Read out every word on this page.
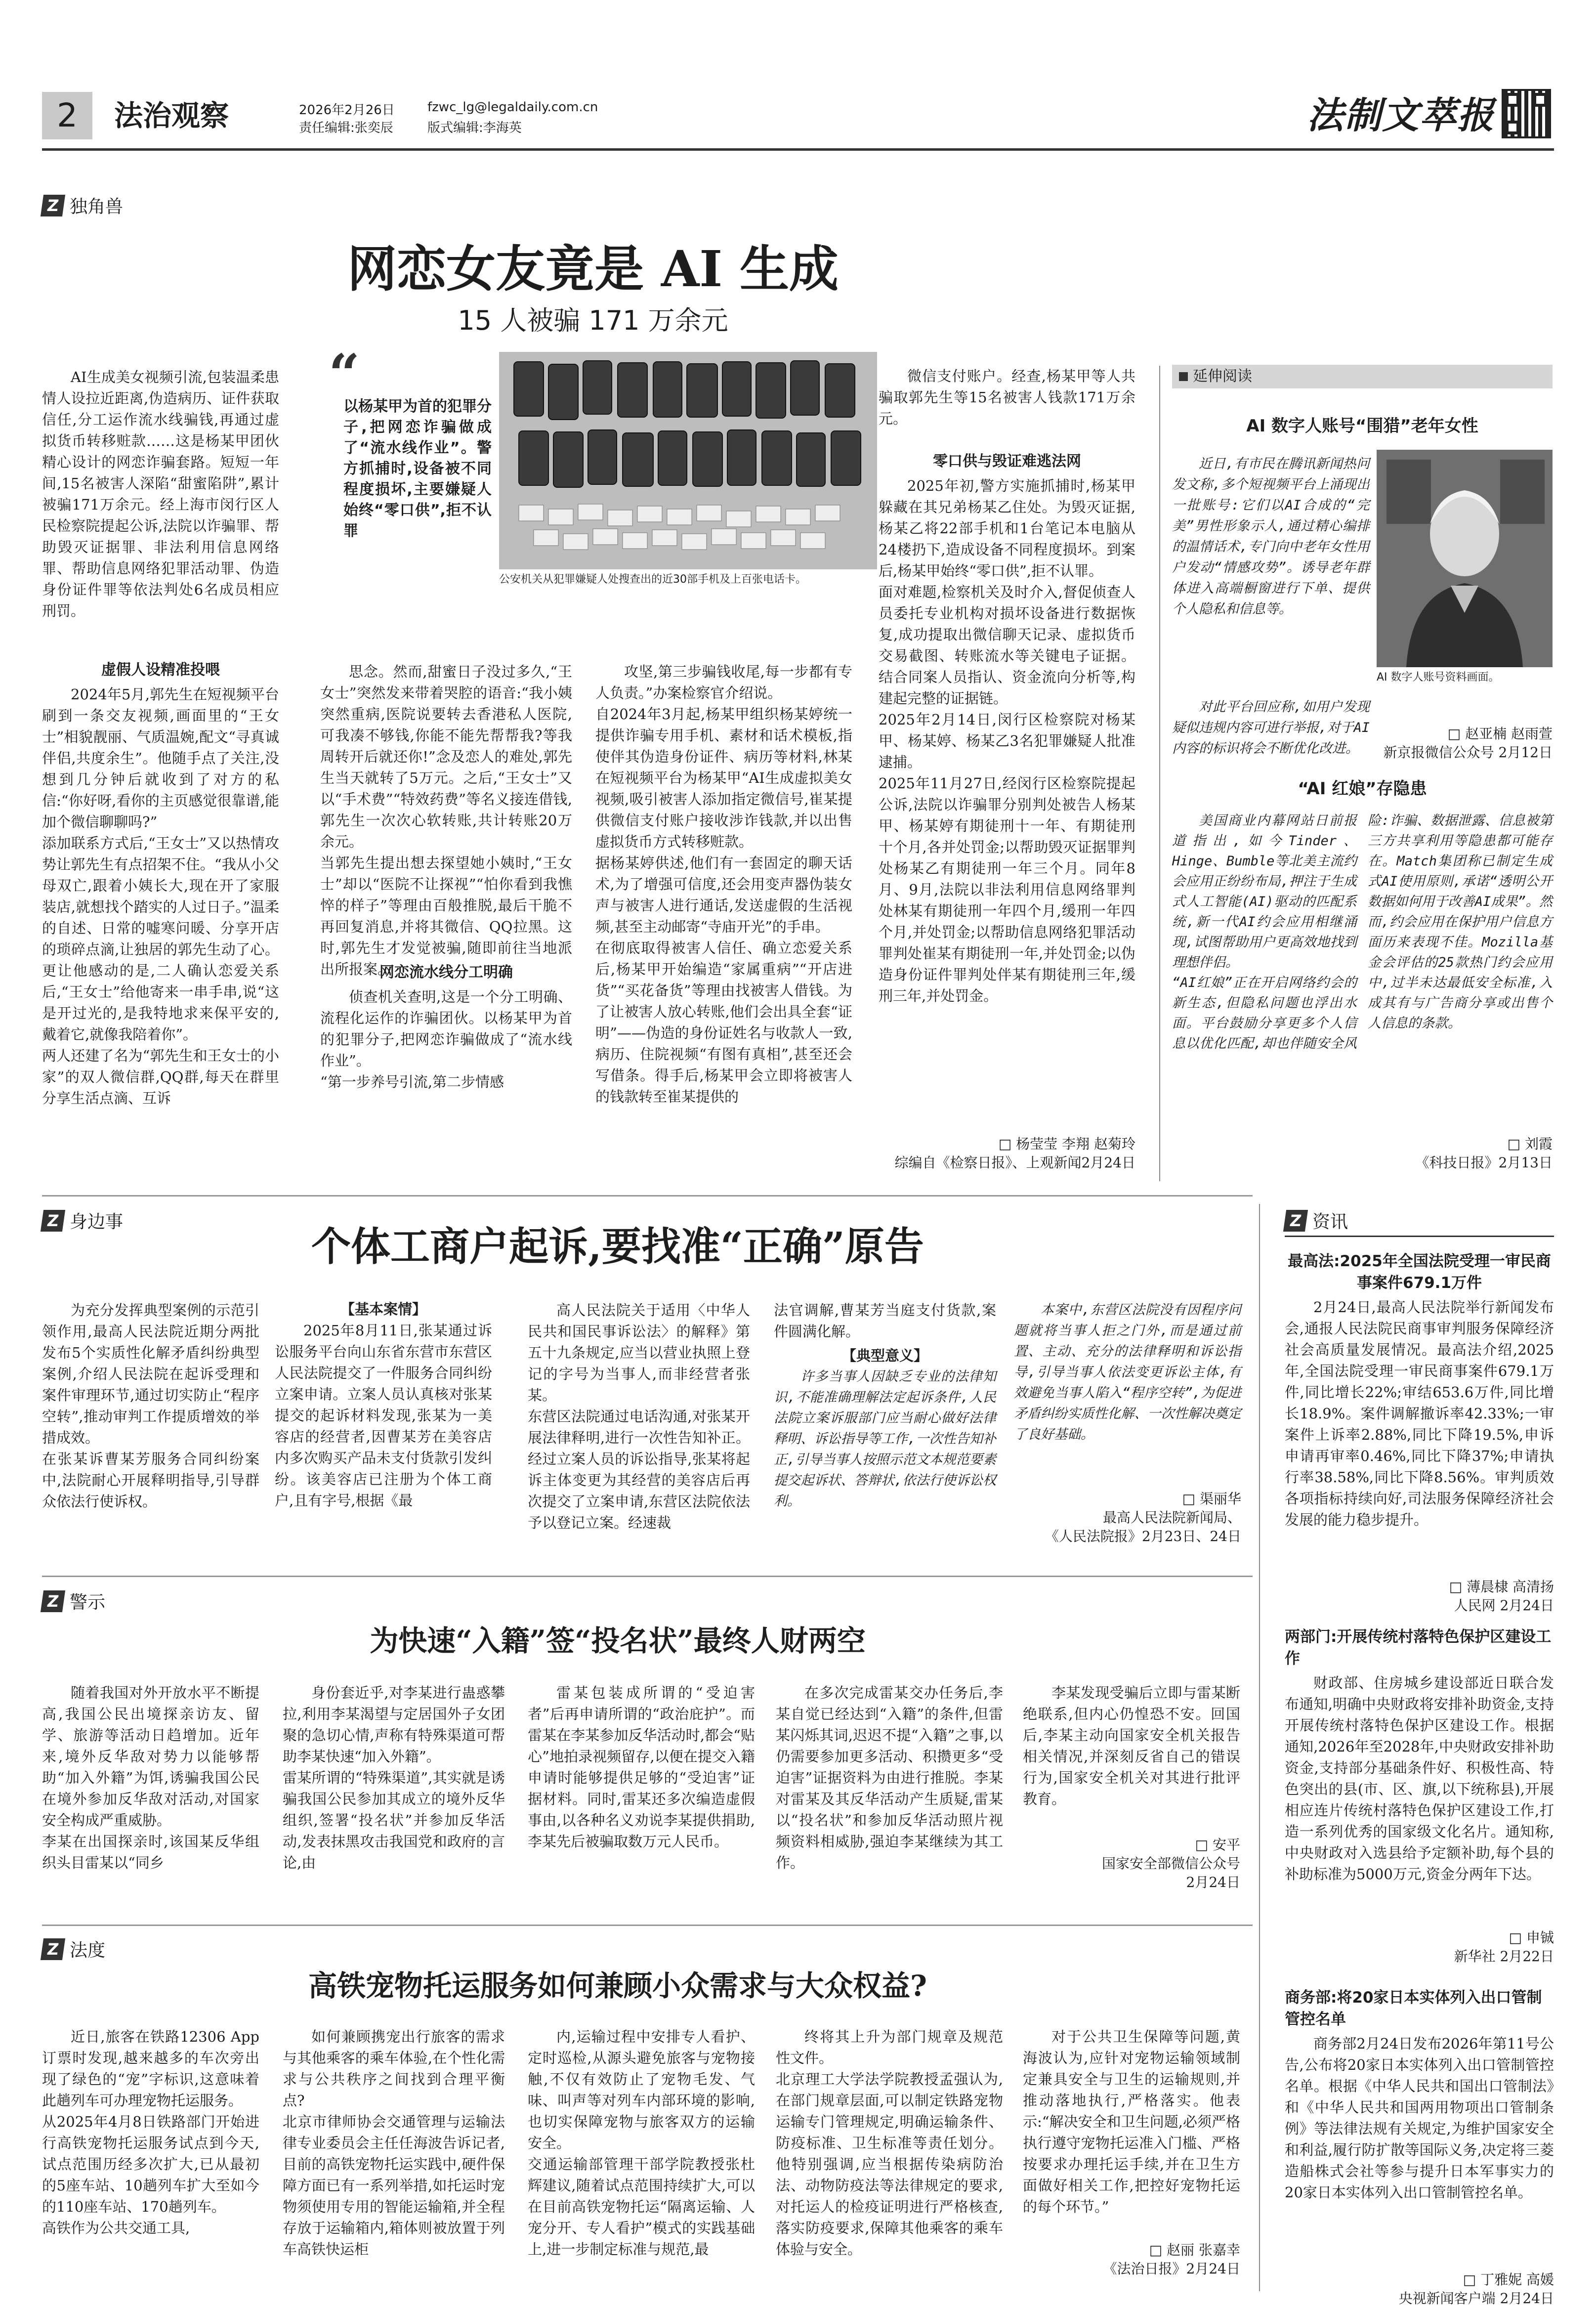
2	法治观察	2026年2月26日
责任编辑:张奕辰
fzwc_lg@legaldaily.com.cn
版式编辑:李海英	法制文萃报
Z 独角兽
网恋女友竟是 AI 生成
15 人被骗 171 万余元
AI生成美女视频引流,包装温柔患情人设拉近距离,伪造病历、证件获取信任,分工运作流水线骗钱,再通过虚拟货币转移赃款……这是杨某甲团伙精心设计的网恋诈骗套路。短短一年间,15名被害人深陷“甜蜜陷阱”,累计被骗171万余元。经上海市闵行区人民检察院提起公诉,法院以诈骗罪、帮助毁灭证据罪、非法利用信息网络罪、帮助信息网络犯罪活动罪、伪造身份证件罪等依法判处6名成员相应刑罚。
虚假人设精准投喂
2024年5月,郭先生在短视频平台刷到一条交友视频,画面里的“王女士”相貌靓丽、气质温婉,配文“寻真诚伴侣,共度余生”。他随手点了关注,没想到几分钟后就收到了对方的私信:“你好呀,看你的主页感觉很靠谱,能加个微信聊聊吗?”
添加联系方式后,“王女士”又以热情攻势让郭先生有点招架不住。“我从小父母双亡,跟着小姨长大,现在开了家服装店,就想找个踏实的人过日子。”温柔的自述、日常的嘘寒问暖、分享开店的琐碎点滴,让独居的郭先生动了心。更让他感动的是,二人确认恋爱关系后,“王女士”给他寄来一串手串,说“这是开过光的,是我特地求来保平安的,戴着它,就像我陪着你”。
两人还建了名为“郭先生和王女士的小家”的双人微信群,QQ群,每天在群里分享生活点滴、互诉
“
以杨某甲为首的犯罪分子,把网恋诈骗做成了“流水线作业”。警方抓捕时,设备被不同程度损坏,主要嫌疑人始终“零口供”,拒不认罪
公安机关从犯罪嫌疑人处搜查出的近30部手机及上百张电话卡。
思念。然而,甜蜜日子没过多久,“王女士”突然发来带着哭腔的语音:“我小姨突然重病,医院说要转去香港私人医院,可我凑不够钱,你能不能先帮帮我?等我周转开后就还你!”念及恋人的难处,郭先生当天就转了5万元。之后,“王女士”又以“手术费”“特效药费”等名义接连借钱,郭先生一次次心软转账,共计转账20万余元。
当郭先生提出想去探望她小姨时,“王女士”却以“医院不让探视”“怕你看到我憔悴的样子”等理由百般推脱,最后干脆不再回复消息,并将其微信、QQ拉黑。这时,郭先生才发觉被骗,随即前往当地派出所报案。
网恋流水线分工明确
侦查机关查明,这是一个分工明确、流程化运作的诈骗团伙。以杨某甲为首的犯罪分子,把网恋诈骗做成了“流水线作业”。
“第一步养号引流,第二步情感
攻坚,第三步骗钱收尾,每一步都有专人负责。”办案检察官介绍说。
自2024年3月起,杨某甲组织杨某婷统一提供诈骗专用手机、素材和话术模板,指使伴其伪造身份证件、病历等材料,林某在短视频平台为杨某甲“AI生成虚拟美女视频,吸引被害人添加指定微信号,崔某提供微信支付账户接收涉诈钱款,并以出售虚拟货币方式转移赃款。
据杨某婷供述,他们有一套固定的聊天话术,为了增强可信度,还会用变声器伪装女声与被害人进行通话,发送虚假的生活视频,甚至主动邮寄“寺庙开光”的手串。
在彻底取得被害人信任、确立恋爱关系后,杨某甲开始编造“家属重病”“开店进货”“买花备货”等理由找被害人借钱。为了让被害人放心转账,他们会出具全套“证明”——伪造的身份证姓名与收款人一致,病历、住院视频“有图有真相”,甚至还会写借条。得手后,杨某甲会立即将被害人的钱款转至崔某提供的
微信支付账户。经查,杨某甲等人共骗取郭先生等15名被害人钱款171万余元。
零口供与毁证难逃法网
2025年初,警方实施抓捕时,杨某甲躲藏在其兄弟杨某乙住处。为毁灭证据,杨某乙将22部手机和1台笔记本电脑从24楼扔下,造成设备不同程度损坏。到案后,杨某甲始终“零口供”,拒不认罪。
面对难题,检察机关及时介入,督促侦查人员委托专业机构对损坏设备进行数据恢复,成功提取出微信聊天记录、虚拟货币交易截图、转账流水等关键电子证据。结合同案人员指认、资金流向分析等,构建起完整的证据链。
2025年2月14日,闵行区检察院对杨某甲、杨某婷、杨某乙3名犯罪嫌疑人批准逮捕。
2025年11月27日,经闵行区检察院提起公诉,法院以诈骗罪分别判处被告人杨某甲、杨某婷有期徒刑十一年、有期徒刑十个月,各并处罚金;以帮助毁灭证据罪判处杨某乙有期徒刑一年三个月。同年8月、9月,法院以非法利用信息网络罪判处林某有期徒刑一年四个月,缓刑一年四个月,并处罚金;以帮助信息网络犯罪活动罪判处崔某有期徒刑一年,并处罚金;以伪造身份证件罪判处伴某有期徒刑三年,缓刑三年,并处罚金。
□ 杨莹莹 李翔 赵菊玲
综编自《检察日报》、上观新闻2月24日
延伸阅读
AI 数字人账号“围猎”老年女性
近日,有市民在腾讯新闻热问发文称,多个短视频平台上涌现出一批账号:它们以AI合成的“完美”男性形象示人,通过精心编排的温情话术,专门向中老年女性用户发动“情感攻势”。诱导老年群体进入高端橱窗进行下单、提供个人隐私和信息等。
AI 数字人账号资料画面。
对此平台回应称,如用户发现疑似违规内容可进行举报,对于AI内容的标识将会不断优化改进。
□ 赵亚楠 赵雨萱
新京报微信公众号 2月12日
“AI 红娘”存隐患
美国商业内幕网站日前报道指出,如今Tinder、Hinge、Bumble等北美主流约会应用正纷纷布局,押注于生成式人工智能(AI)驱动的匹配系统,新一代AI约会应用相继涌现,试图帮助用户更高效地找到理想伴侣。
“AI红娘”正在开启网络约会的新生态,但隐私问题也浮出水面。平台鼓励分享更多个人信息以优化匹配,却也伴随安全风险:诈骗、数据泄露、信息被第三方共享利用等隐患都可能存在。Match集团称已制定生成式AI使用原则,承诺“透明公开数据如何用于改善AI成果”。然而,约会应用在保护用户信息方面历来表现不佳。Mozilla基金会评估的25款热门约会应用中,过半未达最低安全标准,入成其有与广告商分享或出售个人信息的条款。
□ 刘霞
《科技日报》2月13日
Z 身边事
个体工商户起诉,要找准“正确”原告
为充分发挥典型案例的示范引领作用,最高人民法院近期分两批发布5个实质性化解矛盾纠纷典型案例,介绍人民法院在起诉受理和案件审理环节,通过切实防止“程序空转”,推动审判工作提质增效的举措成效。
在张某诉曹某芳服务合同纠纷案中,法院耐心开展释明指导,引导群众依法行使诉权。
【基本案情】
2025年8月11日,张某通过诉讼服务平台向山东省东营市东营区人民法院提交了一件服务合同纠纷立案申请。立案人员认真核对张某提交的起诉材料发现,张某为一美容店的经营者,因曹某芳在美容店内多次购买产品未支付货款引发纠纷。该美容店已注册为个体工商户,且有字号,根据《最
高人民法院关于适用〈中华人民共和国民事诉讼法〉的解释》第五十九条规定,应当以营业执照上登记的字号为当事人,而非经营者张某。
东营区法院通过电话沟通,对张某开展法律释明,进行一次性告知补正。经过立案人员的诉讼指导,张某将起诉主体变更为其经营的美容店后再次提交了立案申请,东营区法院依法予以登记立案。经速裁
法官调解,曹某芳当庭支付货款,案件圆满化解。
【典型意义】
许多当事人因缺乏专业的法律知识,不能准确理解法定起诉条件,人民法院立案诉服部门应当耐心做好法律释明、诉讼指导等工作,一次性告知补正,引导当事人按照示范文本规范要素提交起诉状、答辩状,依法行使诉讼权利。
本案中,东营区法院没有因程序问题就将当事人拒之门外,而是通过前置、主动、充分的法律释明和诉讼指导,引导当事人依法变更诉讼主体,有效避免当事人陷入“程序空转”,为促进矛盾纠纷实质性化解、一次性解决奠定了良好基础。
□ 渠丽华
最高人民法院新闻局、
《人民法院报》2月23日、24日
Z 警示
为快速“入籍”签“投名状”最终人财两空
随着我国对外开放水平不断提高,我国公民出境探亲访友、留学、旅游等活动日趋增加。近年来,境外反华敌对势力以能够帮助“加入外籍”为饵,诱骗我国公民在境外参加反华敌对活动,对国家安全构成严重威胁。
李某在出国探亲时,该国某反华组织头目雷某以“同乡
身份套近乎,对李某进行蛊惑攀拉,利用李某渴望与定居国外子女团聚的急切心情,声称有特殊渠道可帮助李某快速“加入外籍”。
雷某所谓的“特殊渠道”,其实就是诱骗我国公民参加其成立的境外反华组织,签署“投名状”并参加反华活动,发表抹黑攻击我国党和政府的言论,由
雷某包装成所谓的“受迫害者”后再申请所谓的“政治庇护”。而雷某在李某参加反华活动时,都会“贴心”地拍录视频留存,以便在提交入籍申请时能够提供足够的“受迫害”证据材料。同时,雷某还多次编造虚假事由,以各种名义劝说李某提供捐助,李某先后被骗取数万元人民币。
在多次完成雷某交办任务后,李某自觉已经达到“入籍”的条件,但雷某闪烁其词,迟迟不提“入籍”之事,以仍需要参加更多活动、积攒更多“受迫害”证据资料为由进行推脱。李某对雷某及其反华活动产生质疑,雷某以“投名状”和参加反华活动照片视频资料相威胁,强迫李某继续为其工作。
李某发现受骗后立即与雷某断绝联系,但内心仍惶恐不安。回国后,李某主动向国家安全机关报告相关情况,并深刻反省自己的错误行为,国家安全机关对其进行批评教育。
□ 安平
国家安全部微信公众号
2月24日
Z 法度
高铁宠物托运服务如何兼顾小众需求与大众权益?
近日,旅客在铁路12306 App订票时发现,越来越多的车次旁出现了绿色的“宠”字标识,这意味着此趟列车可办理宠物托运服务。
从2025年4月8日铁路部门开始进行高铁宠物托运服务试点到今天,试点范围历经多次扩大,已从最初的5座车站、10趟列车扩大至如今的110座车站、170趟列车。
高铁作为公共交通工具,
如何兼顾携宠出行旅客的需求与其他乘客的乘车体验,在个性化需求与公共秩序之间找到合理平衡点?
北京市律师协会交通管理与运输法律专业委员会主任任海波告诉记者,目前的高铁宠物托运实践中,硬件保障方面已有一系列举措,如托运时宠物须使用专用的智能运输箱,并全程存放于运输箱内,箱体则被放置于列车高铁快运柜
内,运输过程中安排专人看护、定时巡检,从源头避免旅客与宠物接触,不仅有效防止了宠物毛发、气味、叫声等对列车内部环境的影响,也切实保障宠物与旅客双方的运输安全。
交通运输部管理干部学院教授张杜辉建议,随着试点范围持续扩大,可以在目前高铁宠物托运“隔离运输、人宠分开、专人看护”模式的实践基础上,进一步制定标准与规范,最
终将其上升为部门规章及规范性文件。
北京理工大学法学院教授孟强认为,在部门规章层面,可以制定铁路宠物运输专门管理规定,明确运输条件、防疫标准、卫生标准等责任划分。他特别强调,应当根据传染病防治法、动物防疫法等法律规定的要求,对托运人的检疫证明进行严格核查,落实防疫要求,保障其他乘客的乘车体验与安全。
对于公共卫生保障等问题,黄海波认为,应针对宠物运输领域制定兼具安全与卫生的运输规则,并推动落地执行,严格落实。他表示:“解决安全和卫生问题,必须严格执行遵守宠物托运准入门槛、严格按要求办理托运手续,并在卫生方面做好相关工作,把控好宠物托运的每个环节。”
□ 赵丽 张嘉幸
《法治日报》2月24日
Z 资讯
最高法:2025年全国法院受理一审民商事案件679.1万件
2月24日,最高人民法院举行新闻发布会,通报人民法院民商事审判服务保障经济社会高质量发展情况。最高法介绍,2025年,全国法院受理一审民商事案件679.1万件,同比增长22%;审结653.6万件,同比增长18.9%。案件调解撤诉率42.33%;一审案件上诉率2.88%,同比下降19.5%,申诉申请再审率0.46%,同比下降37%;申请执行率38.58%,同比下降8.56%。审判质效各项指标持续向好,司法服务保障经济社会发展的能力稳步提升。
□ 薄晨棣 高清扬
人民网 2月24日
两部门:开展传统村落特色保护区建设工作
财政部、住房城乡建设部近日联合发布通知,明确中央财政将安排补助资金,支持开展传统村落特色保护区建设工作。根据通知,2026年至2028年,中央财政安排补助资金,支持部分基础条件好、积极性高、特色突出的县(市、区、旗,以下统称县),开展相应连片传统村落特色保护区建设工作,打造一系列优秀的国家级文化名片。通知称,中央财政对入选县给予定额补助,每个县的补助标准为5000万元,资金分两年下达。
□ 申铖
新华社 2月22日
商务部:将20家日本实体列入出口管制管控名单
商务部2月24日发布2026年第11号公告,公布将20家日本实体列入出口管制管控名单。根据《中华人民共和国出口管制法》和《中华人民共和国两用物项出口管制条例》等法律法规有关规定,为维护国家安全和利益,履行防扩散等国际义务,决定将三菱造船株式会社等参与提升日本军事实力的20家日本实体列入出口管制管控名单。
□ 丁雅妮 高媛
央视新闻客户端 2月24日
